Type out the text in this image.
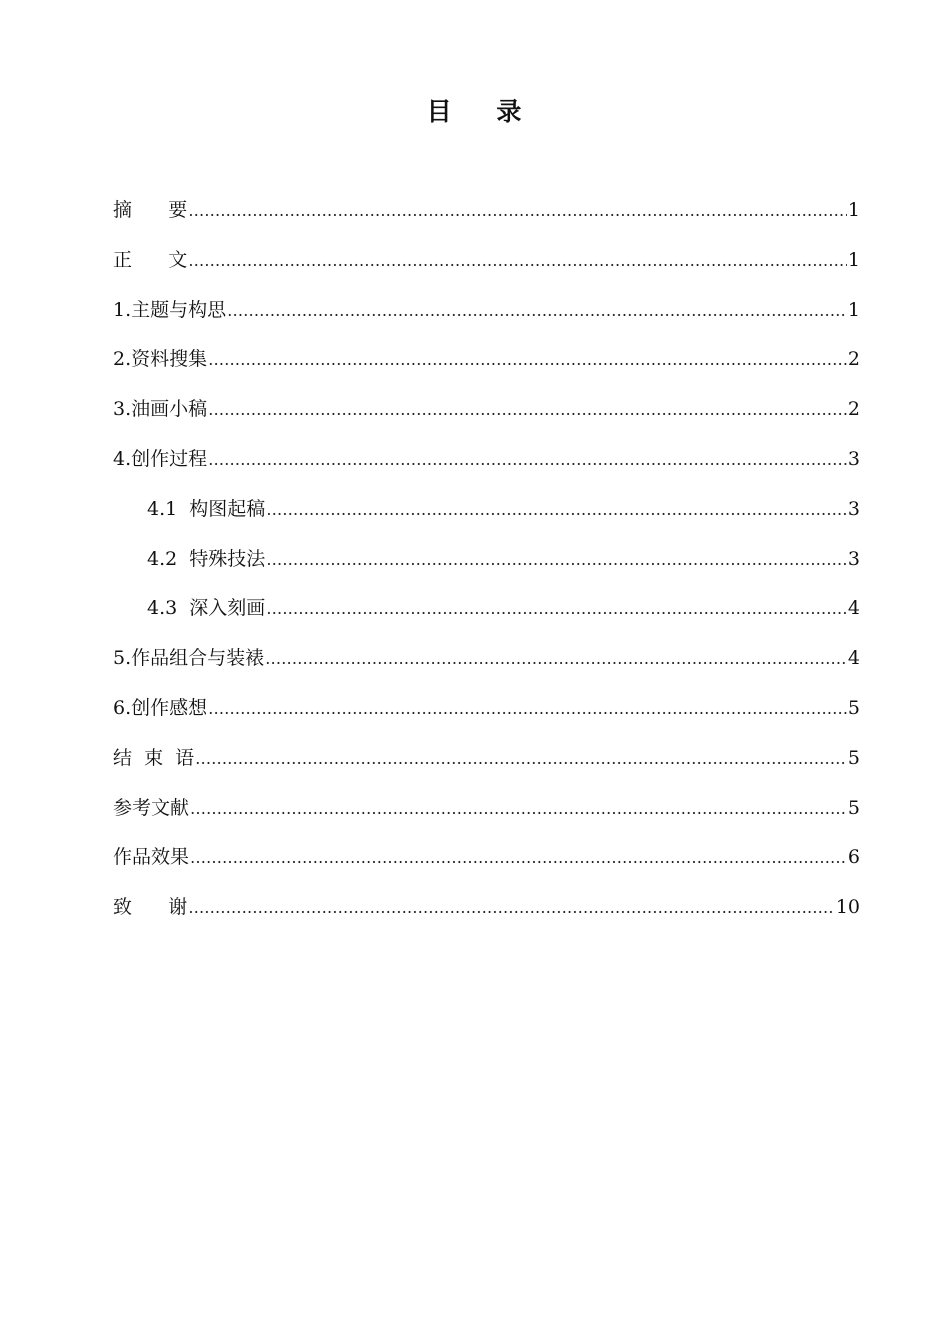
目    录
摘      要 …………………………………………………………………………………………………………………………………………………………………………	1
正      文 …………………………………………………………………………………………………………………………………………………………………………	1
1.主题与构思 …………………………………………………………………………………………………………………………………………………………………………	1
2.资料搜集 …………………………………………………………………………………………………………………………………………………………………………	2
3.油画小稿 …………………………………………………………………………………………………………………………………………………………………………	2
4.创作过程 …………………………………………………………………………………………………………………………………………………………………………	3
4.1  构图起稿 …………………………………………………………………………………………………………………………………………………………………………	3
4.2  特殊技法 …………………………………………………………………………………………………………………………………………………………………………	3
4.3  深入刻画 …………………………………………………………………………………………………………………………………………………………………………	4
5.作品组合与装裱 …………………………………………………………………………………………………………………………………………………………………………	4
6.创作感想 …………………………………………………………………………………………………………………………………………………………………………	5
结  束  语 …………………………………………………………………………………………………………………………………………………………………………	5
参考文献 …………………………………………………………………………………………………………………………………………………………………………	5
作品效果 …………………………………………………………………………………………………………………………………………………………………………	6
致      谢 …………………………………………………………………………………………………………………………………………………………………………	10
